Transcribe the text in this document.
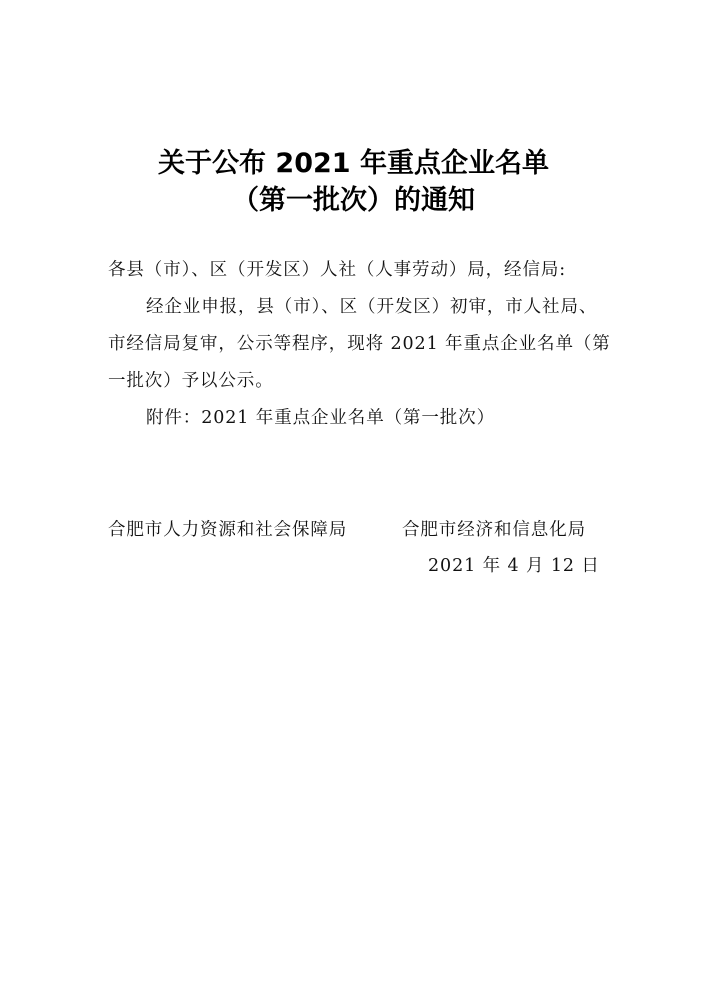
关于公布 2021 年重点企业名单
（第一批次）的通知
各县（市）、区（开发区）人社（人事劳动）局，经信局:
经企业申报，县（市）、区（开发区）初审，市人社局、
市经信局复审，公示等程序，现将 2021 年重点企业名单（第
一批次）予以公示。
附件：2021 年重点企业名单（第一批次）
合肥市人力资源和社会保障局	合肥市经济和信息化局
2021 年 4 月 12 日
